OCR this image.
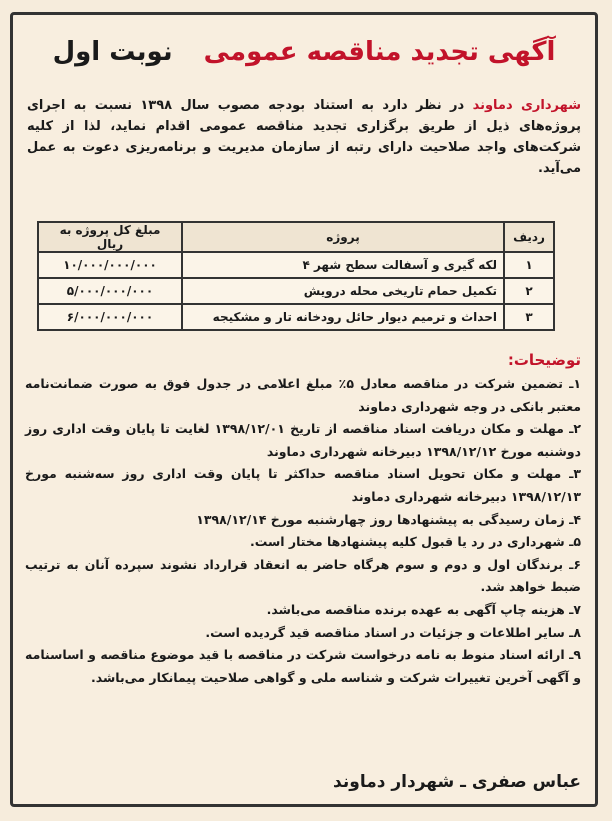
آگهی تجدید مناقصه عمومی نوبت اول
شهرداری دماوند در نظر دارد به استناد بودجه مصوب سال ۱۳۹۸ نسبت به اجرای پروژه‌های ذیل از طریق برگزاری تجدید مناقصه عمومی اقدام نماید، لذا از کلیه شرکت‌های واجد صلاحیت دارای رتبه از سازمان مدیریت و برنامه‌ریزی دعوت به عمل می‌آید.
ردیف	پروژه	مبلغ کل پروژه به ریال
۱	لکه گیری و آسفالت سطح شهر ۴	۱۰/۰۰۰/۰۰۰/۰۰۰
۲	تکمیل حمام تاریخی محله درویش	۵/۰۰۰/۰۰۰/۰۰۰
۳	احداث و ترمیم دیوار حائل رودخانه تار و مشکیجه	۶/۰۰۰/۰۰۰/۰۰۰
توضیحات:

۱ـ تضمین شرکت در مناقصه معادل ۵٪ مبلغ اعلامی در جدول فوق به صورت ضمانت‌نامه معتبر بانکی در وجه شهرداری دماوند

۲ـ مهلت و مکان دریافت اسناد مناقصه از تاریخ ۱۳۹۸/۱۲/۰۱ لغایت تا پایان وقت اداری روز دوشنبه مورخ ۱۳۹۸/۱۲/۱۲ دبیرخانه شهرداری دماوند

۳ـ مهلت و مکان تحویل اسناد مناقصه حداکثر تا پایان وقت اداری روز سه‌شنبه مورخ ۱۳۹۸/۱۲/۱۳ دبیرخانه شهرداری دماوند

۴ـ زمان رسیدگی به پیشنهادها روز چهارشنبه مورخ ۱۳۹۸/۱۲/۱۴

۵ـ شهرداری در رد یا قبول کلیه پیشنهادها مختار است.

۶ـ برندگان اول و دوم و سوم هرگاه حاضر به انعقاد قرارداد نشوند سپرده آنان به ترتیب ضبط خواهد شد.

۷ـ هزینه چاپ آگهی به عهده برنده مناقصه می‌باشد.

۸ـ سایر اطلاعات و جزئیات در اسناد مناقصه قید گردیده است.

۹ـ ارائه اسناد منوط به نامه درخواست شرکت در مناقصه با قید موضوع مناقصه و اساسنامه و آگهی آخرین تغییرات شرکت و شناسه ملی و گواهی صلاحیت پیمانکار می‌باشد.

عباس صفری ـ شهردار دماوند
